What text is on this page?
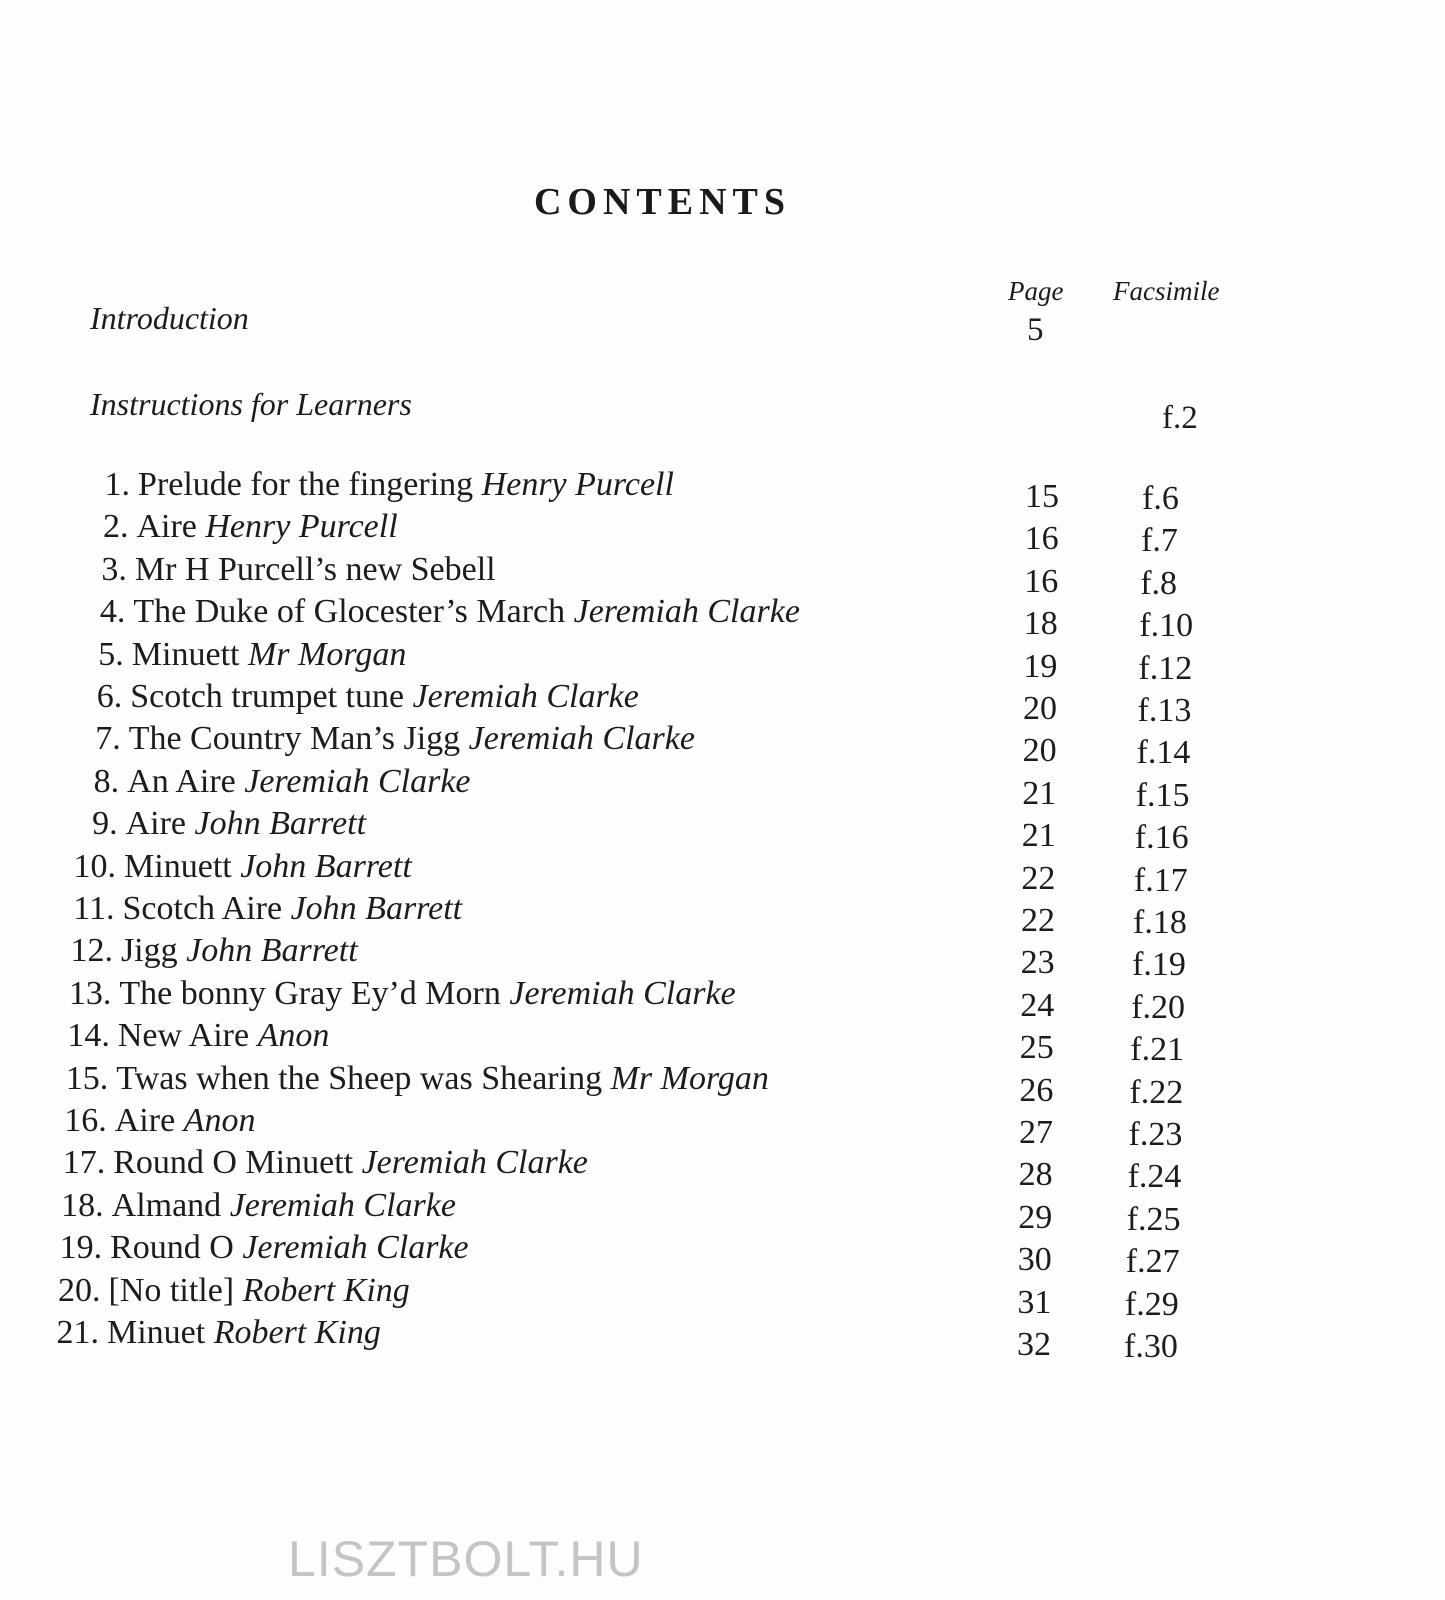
CONTENTS
Page Facsimile
Introduction	5
Instructions for Learners	f.2
1. Prelude for the fingering Henry Purcell	15	f.6
2. Aire Henry Purcell	16	f.7
3. Mr H Purcell’s new Sebell	16	f.8
4. The Duke of Glocester’s March Jeremiah Clarke	18	f.10
5. Minuett Mr Morgan	19	f.12
6. Scotch trumpet tune Jeremiah Clarke	20	f.13
7. The Country Man’s Jigg Jeremiah Clarke	20	f.14
8. An Aire Jeremiah Clarke	21	f.15
9. Aire John Barrett	21	f.16
10. Minuett John Barrett	22	f.17
11. Scotch Aire John Barrett	22	f.18
12. Jigg John Barrett	23	f.19
13. The bonny Gray Ey’d Morn Jeremiah Clarke	24	f.20
14. New Aire Anon	25	f.21
15. Twas when the Sheep was Shearing Mr Morgan	26	f.22
16. Aire Anon	27	f.23
17. Round O Minuett Jeremiah Clarke	28	f.24
18. Almand Jeremiah Clarke	29	f.25
19. Round O Jeremiah Clarke	30	f.27
20. [No title] Robert King	31	f.29
21. Minuet Robert King	32	f.30
LISZTBOLT.HU
